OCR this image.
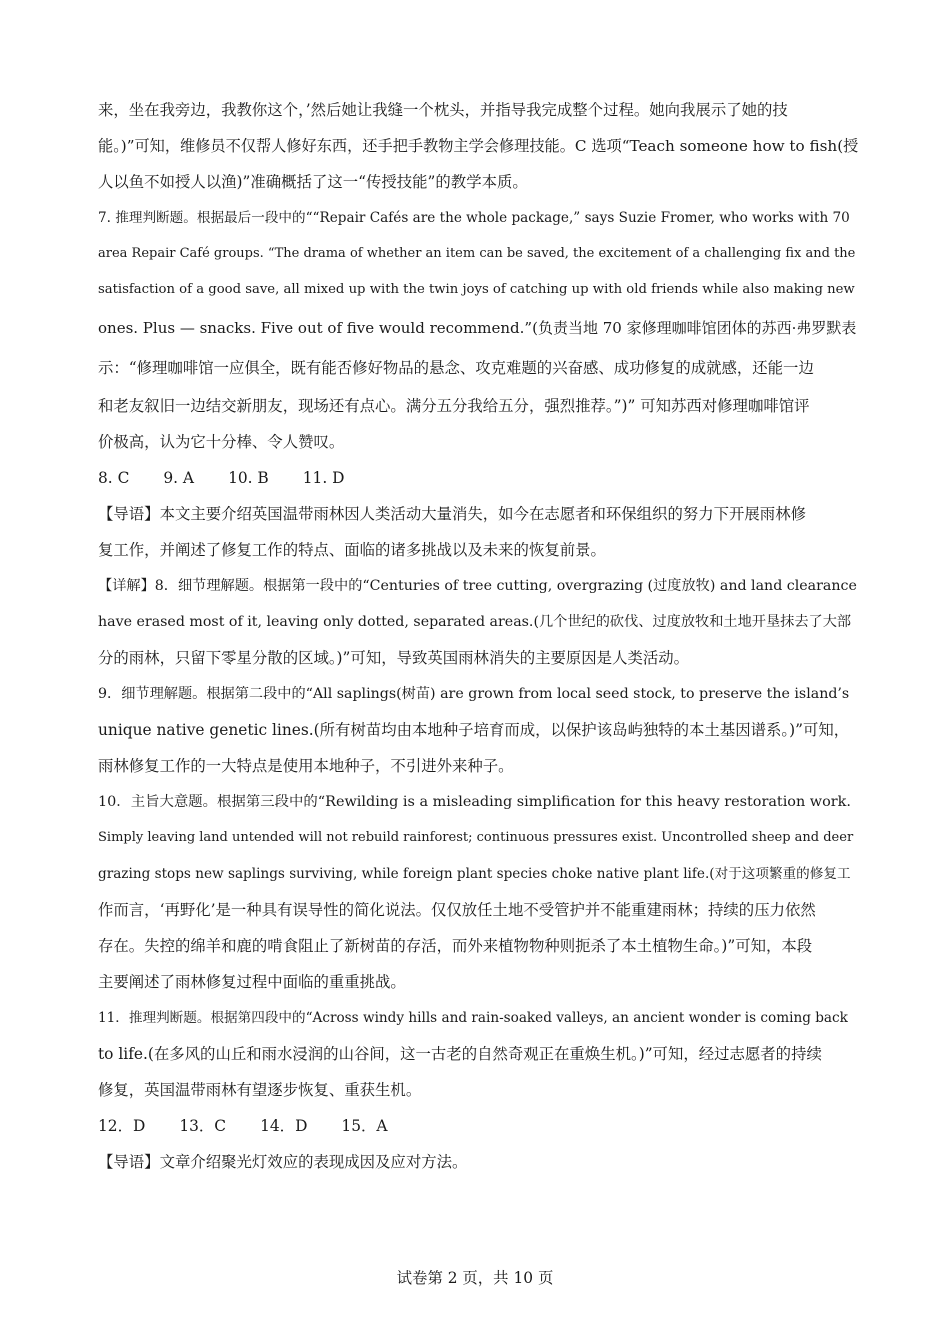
来，坐在我旁边，我教你这个，’然后她让我缝一个枕头，并指导我完成整个过程。她向我展示了她的技
能。)”可知，维修员不仅帮人修好东西，还手把手教物主学会修理技能。C 选项“Teach someone how to fish(授
人以鱼不如授人以渔)”准确概括了这一“传授技能”的教学本质。
7. 推理判断题。根据最后一段中的““Repair Cafés are the whole package,” says Suzie Fromer, who works with 70
area Repair Café groups. “The drama of whether an item can be saved, the excitement of a challenging fix and the
satisfaction of a good save, all mixed up with the twin joys of catching up with old friends while also making new
ones. Plus — snacks. Five out of five would recommend.”(负责当地 70 家修理咖啡馆团体的苏西·弗罗默表
示：“修理咖啡馆一应俱全，既有能否修好物品的悬念、攻克难题的兴奋感、成功修复的成就感，还能一边
和老友叙旧一边结交新朋友，现场还有点心。满分五分我给五分，强烈推荐。”)” 可知苏西对修理咖啡馆评
价极高，认为它十分棒、令人赞叹。
8. C 9. A 10. B 11. D
【导语】本文主要介绍英国温带雨林因人类活动大量消失，如今在志愿者和环保组织的努力下开展雨林修
复工作，并阐述了修复工作的特点、面临的诸多挑战以及未来的恢复前景。
【详解】8．细节理解题。根据第一段中的“Centuries of tree cutting, overgrazing (过度放牧) and land clearance
have erased most of it, leaving only dotted, separated areas.(几个世纪的砍伐、过度放牧和土地开垦抹去了大部
分的雨林，只留下零星分散的区域。)”可知，导致英国雨林消失的主要原因是人类活动。
9．细节理解题。根据第二段中的“All saplings(树苗) are grown from local seed stock, to preserve the island’s
unique native genetic lines.(所有树苗均由本地种子培育而成，以保护该岛屿独特的本土基因谱系。)”可知，
雨林修复工作的一大特点是使用本地种子，不引进外来种子。
10．主旨大意题。根据第三段中的“Rewilding is a misleading simplification for this heavy restoration work.
Simply leaving land untended will not rebuild rainforest; continuous pressures exist. Uncontrolled sheep and deer
grazing stops new saplings surviving, while foreign plant species choke native plant life.(对于这项繁重的修复工
作而言，‘再野化’是一种具有误导性的简化说法。仅仅放任土地不受管护并不能重建雨林；持续的压力依然
存在。失控的绵羊和鹿的啃食阻止了新树苗的存活，而外来植物物种则扼杀了本土植物生命。)”可知，本段
主要阐述了雨林修复过程中面临的重重挑战。
11．推理判断题。根据第四段中的“Across windy hills and rain-soaked valleys, an ancient wonder is coming back
to life.(在多风的山丘和雨水浸润的山谷间，这一古老的自然奇观正在重焕生机。)”可知，经过志愿者的持续
修复，英国温带雨林有望逐步恢复、重获生机。
12．D 13．C 14．D 15．A
【导语】文章介绍聚光灯效应的表现成因及应对方法。
试卷第 2 页，共 10 页
